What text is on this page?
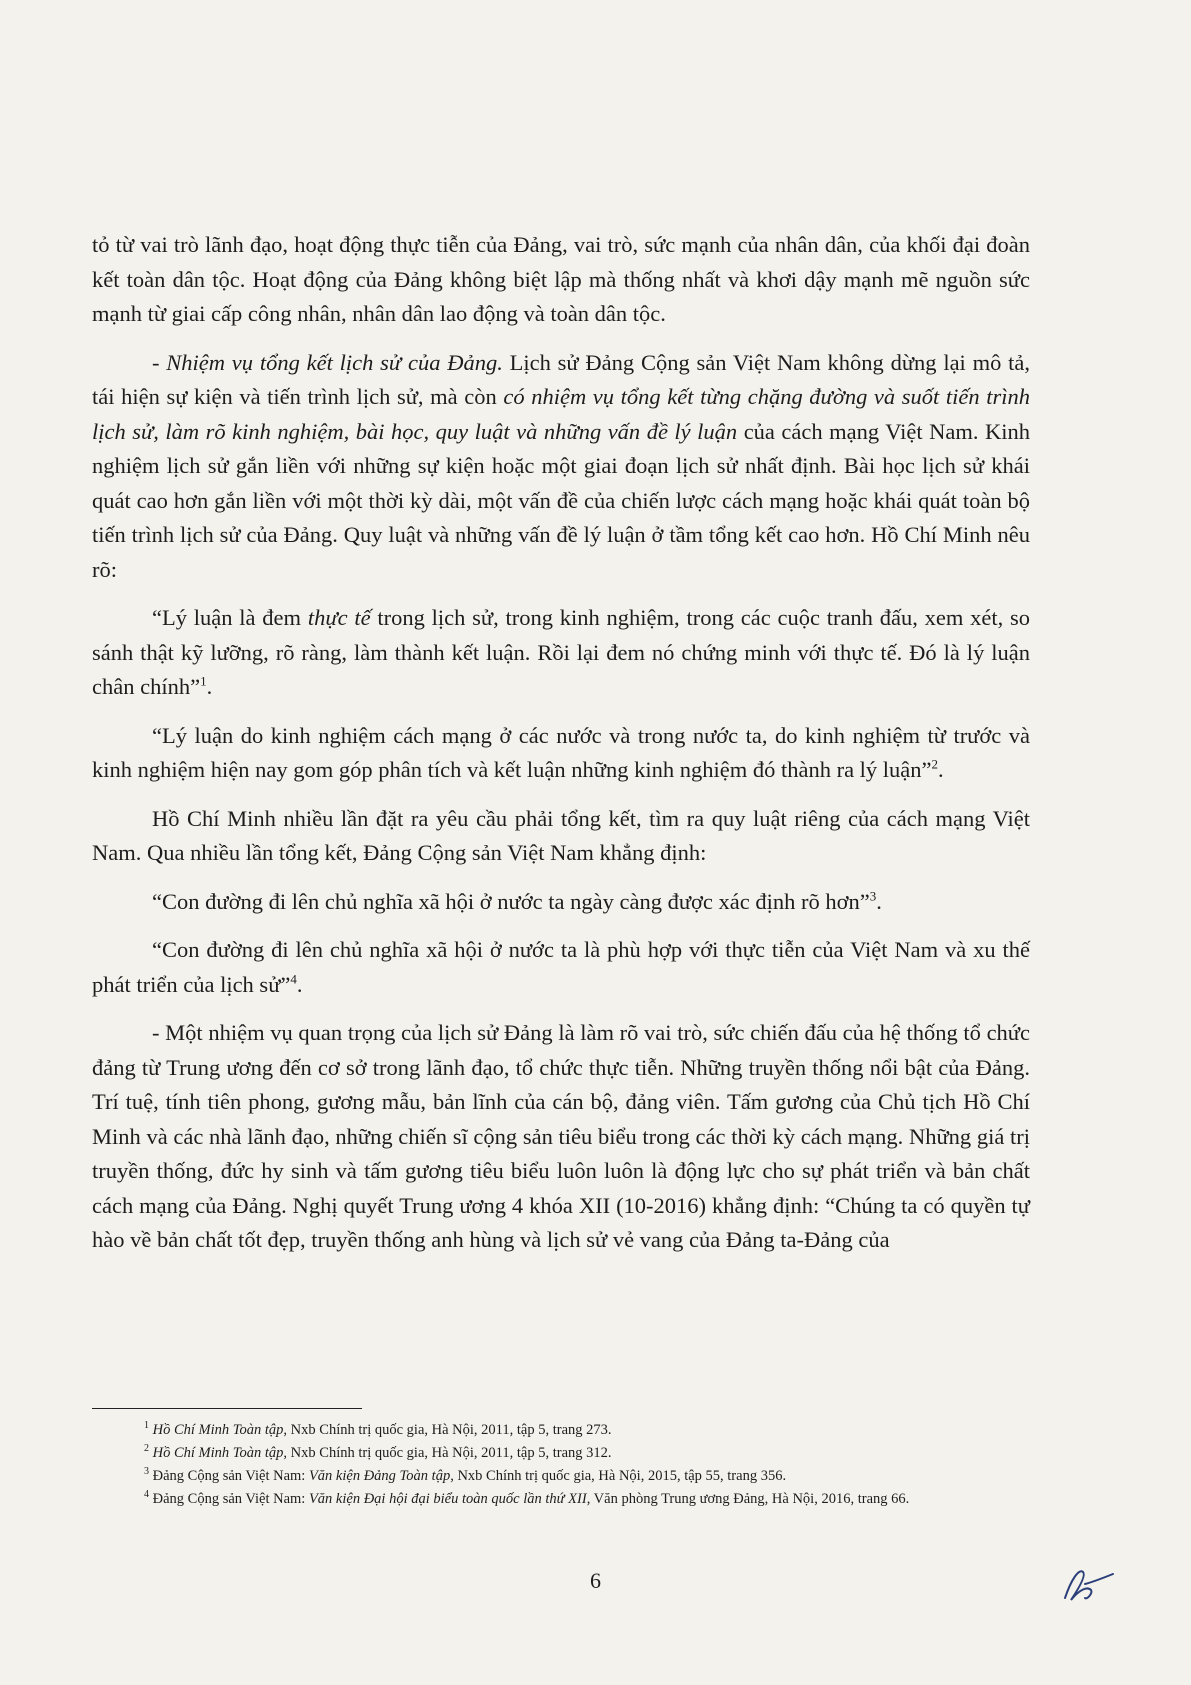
tỏ từ vai trò lãnh đạo, hoạt động thực tiễn của Đảng, vai trò, sức mạnh của nhân dân, của khối đại đoàn kết toàn dân tộc. Hoạt động của Đảng không biệt lập mà thống nhất và khơi dậy mạnh mẽ nguồn sức mạnh từ giai cấp công nhân, nhân dân lao động và toàn dân tộc.

- Nhiệm vụ tổng kết lịch sử của Đảng. Lịch sử Đảng Cộng sản Việt Nam không dừng lại mô tả, tái hiện sự kiện và tiến trình lịch sử, mà còn có nhiệm vụ tổng kết từng chặng đường và suốt tiến trình lịch sử, làm rõ kinh nghiệm, bài học, quy luật và những vấn đề lý luận của cách mạng Việt Nam. Kinh nghiệm lịch sử gắn liền với những sự kiện hoặc một giai đoạn lịch sử nhất định. Bài học lịch sử khái quát cao hơn gắn liền với một thời kỳ dài, một vấn đề của chiến lược cách mạng hoặc khái quát toàn bộ tiến trình lịch sử của Đảng. Quy luật và những vấn đề lý luận ở tầm tổng kết cao hơn. Hồ Chí Minh nêu rõ:

“Lý luận là đem thực tế trong lịch sử, trong kinh nghiệm, trong các cuộc tranh đấu, xem xét, so sánh thật kỹ lưỡng, rõ ràng, làm thành kết luận. Rồi lại đem nó chứng minh với thực tế. Đó là lý luận chân chính”$^1$.

“Lý luận do kinh nghiệm cách mạng ở các nước và trong nước ta, do kinh nghiệm từ trước và kinh nghiệm hiện nay gom góp phân tích và kết luận những kinh nghiệm đó thành ra lý luận”$^2$.

Hồ Chí Minh nhiều lần đặt ra yêu cầu phải tổng kết, tìm ra quy luật riêng của cách mạng Việt Nam. Qua nhiều lần tổng kết, Đảng Cộng sản Việt Nam khẳng định:

“Con đường đi lên chủ nghĩa xã hội ở nước ta ngày càng được xác định rõ hơn”$^3$.

“Con đường đi lên chủ nghĩa xã hội ở nước ta là phù hợp với thực tiễn của Việt Nam và xu thế phát triển của lịch sử”$^4$.

- Một nhiệm vụ quan trọng của lịch sử Đảng là làm rõ vai trò, sức chiến đấu của hệ thống tổ chức đảng từ Trung ương đến cơ sở trong lãnh đạo, tổ chức thực tiễn. Những truyền thống nổi bật của Đảng. Trí tuệ, tính tiên phong, gương mẫu, bản lĩnh của cán bộ, đảng viên. Tấm gương của Chủ tịch Hồ Chí Minh và các nhà lãnh đạo, những chiến sĩ cộng sản tiêu biểu trong các thời kỳ cách mạng. Những giá trị truyền thống, đức hy sinh và tấm gương tiêu biểu luôn luôn là động lực cho sự phát triển và bản chất cách mạng của Đảng. Nghị quyết Trung ương 4 khóa XII (10-2016) khẳng định: “Chúng ta có quyền tự hào về bản chất tốt đẹp, truyền thống anh hùng và lịch sử vẻ vang của Đảng ta-Đảng của

$^1$ Hồ Chí Minh Toàn tập, Nxb Chính trị quốc gia, Hà Nội, 2011, tập 5, trang 273.

$^2$ Hồ Chí Minh Toàn tập, Nxb Chính trị quốc gia, Hà Nội, 2011, tập 5, trang 312.

$^3$ Đảng Cộng sản Việt Nam: Văn kiện Đảng Toàn tập, Nxb Chính trị quốc gia, Hà Nội, 2015, tập 55, trang 356.

$^4$ Đảng Cộng sản Việt Nam: Văn kiện Đại hội đại biểu toàn quốc lần thứ XII, Văn phòng Trung ương Đảng, Hà Nội, 2016, trang 66.

6
